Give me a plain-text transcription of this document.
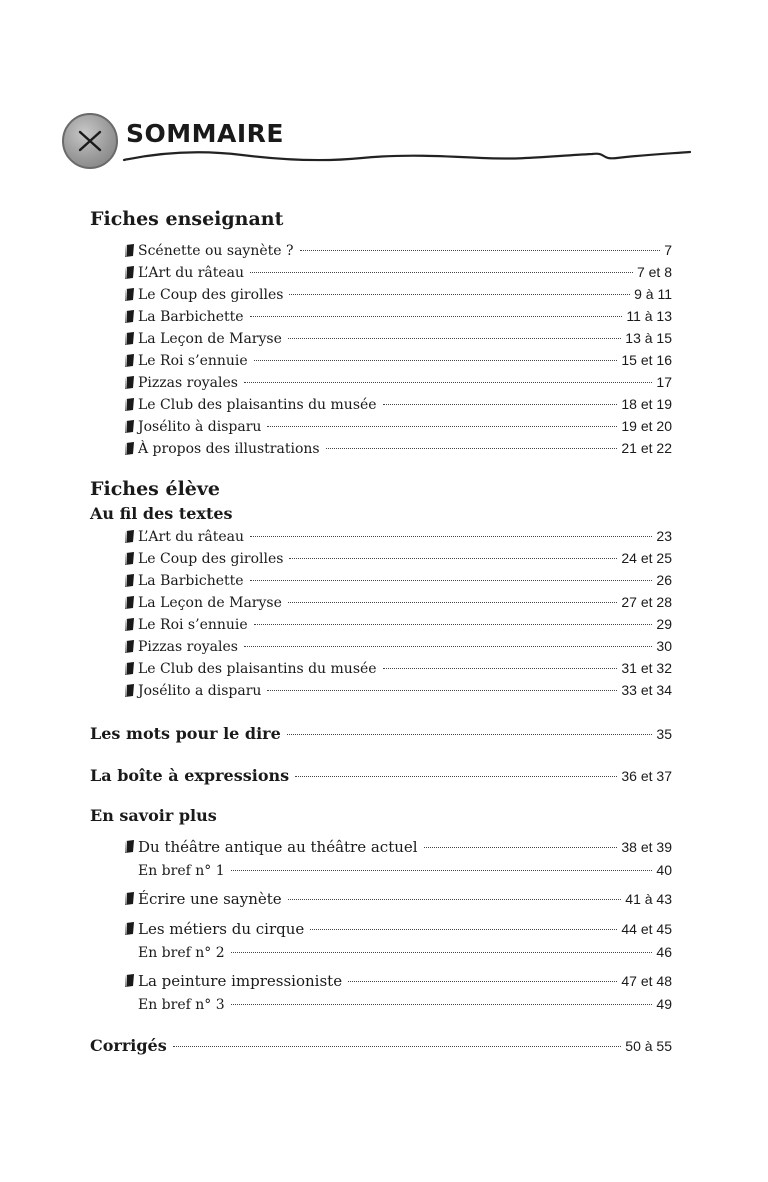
SOMMAIRE
Fiches enseignant
Scénette ou saynète ?	7
L’Art du râteau	7 et 8
Le Coup des girolles	9 à 11
La Barbichette	11 à 13
La Leçon de Maryse	13 à 15
Le Roi s’ennuie	15 et 16
Pizzas royales	17
Le Club des plaisantins du musée	18 et 19
Josélito à disparu	19 et 20
À propos des illustrations	21 et 22
Fiches élève
Au fil des textes
L’Art du râteau	23
Le Coup des girolles	24 et 25
La Barbichette	26
La Leçon de Maryse	27 et 28
Le Roi s’ennuie	29
Pizzas royales	30
Le Club des plaisantins du musée	31 et 32
Josélito a disparu	33 et 34
Les mots pour le dire	35
La boîte à expressions	36 et 37
En savoir plus
Du théâtre antique au théâtre actuel	38 et 39
En bref n° 1	40
Écrire une saynète	41 à 43
Les métiers du cirque	44 et 45
En bref n° 2	46
La peinture impressioniste	47 et 48
En bref n° 3	49
Corrigés	50 à 55
